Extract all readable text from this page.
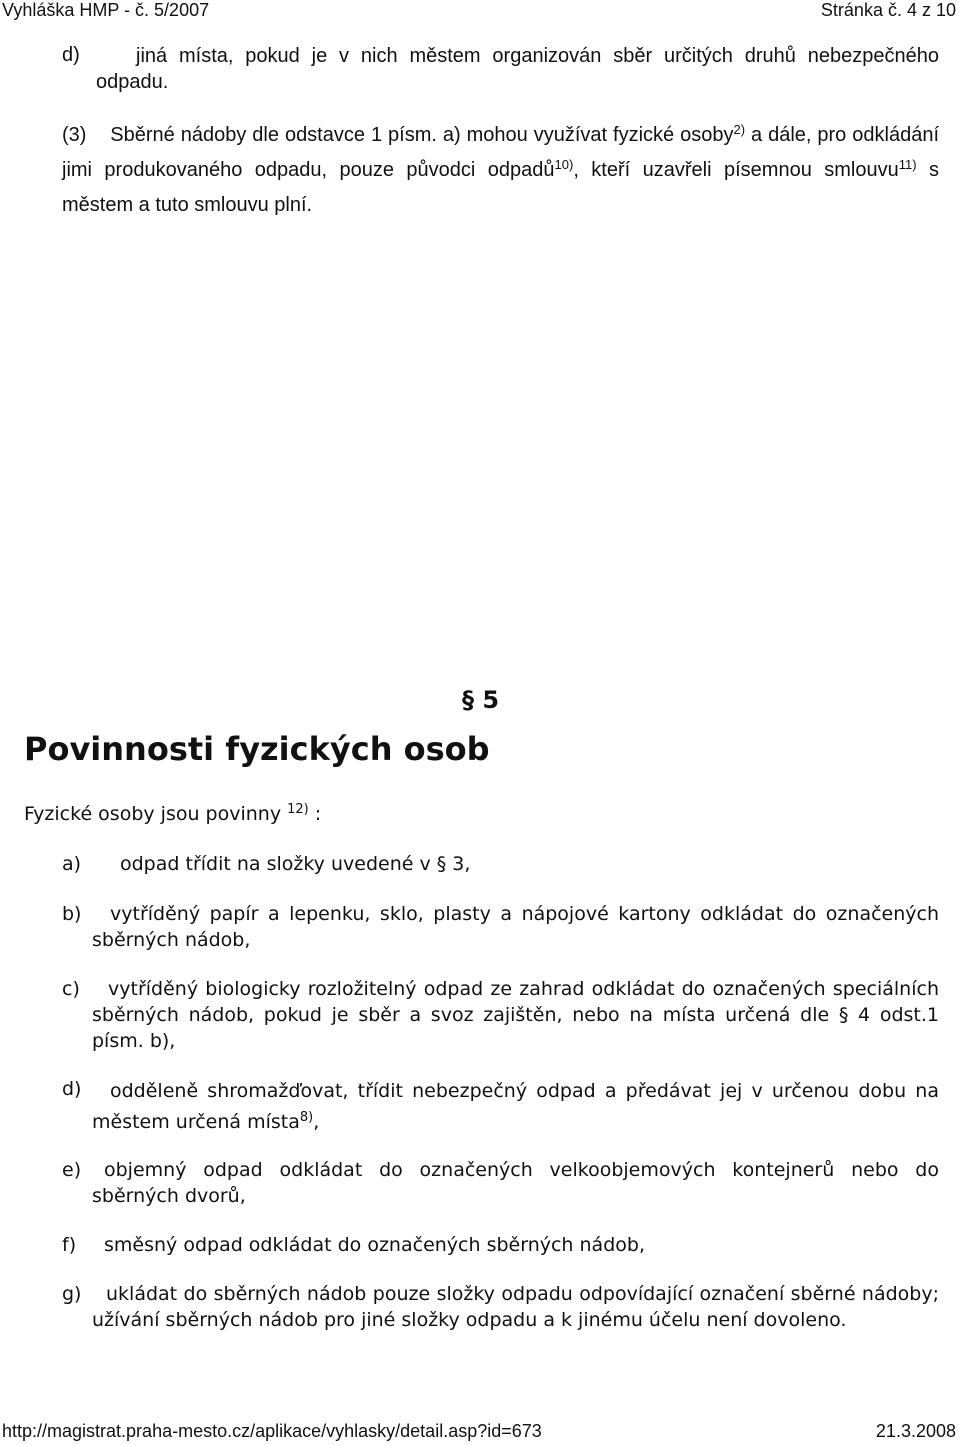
Vyhláška HMP - č. 5/2007	Stránka č. 4 z 10
d)	jiná místa, pokud je v nich městem organizován sběr určitých druhů nebezpečného odpadu.

(3) Sběrné nádoby dle odstavce 1 písm. a) mohou využívat fyzické osoby$^{2)}$ a dále, pro odkládání jimi produkovaného odpadu, pouze původci odpadů$^{10)}$, kteří uzavřeli písemnou smlouvu$^{11)}$ s městem a tuto smlouvu plní.

§ 5
Povinnosti fyzických osob

Fyzické osoby jsou povinny $^{12)}$ :

a) odpad třídit na složky uvedené v § 3,

b)	vytříděný papír a lepenku, sklo, plasty a nápojové kartony odkládat do označených sběrných nádob,

c)	vytříděný biologicky rozložitelný odpad ze zahrad odkládat do označených speciálních sběrných nádob, pokud je sběr a svoz zajištěn, nebo na místa určená dle § 4 odst.1 písm. b),

d)	odděleně shromažďovat, třídit nebezpečný odpad a předávat jej v určenou dobu na městem určená místa$^{8)}$,

e)	objemný odpad odkládat do označených velkoobjemových kontejnerů nebo do sběrných dvorů,

f) směsný odpad odkládat do označených sběrných nádob,

g)	ukládat do sběrných nádob pouze složky odpadu odpovídající označení sběrné nádoby; užívání sběrných nádob pro jiné složky odpadu a k jinému účelu není dovoleno.

http://magistrat.praha-mesto.cz/aplikace/vyhlasky/detail.asp?id=673	21.3.2008
